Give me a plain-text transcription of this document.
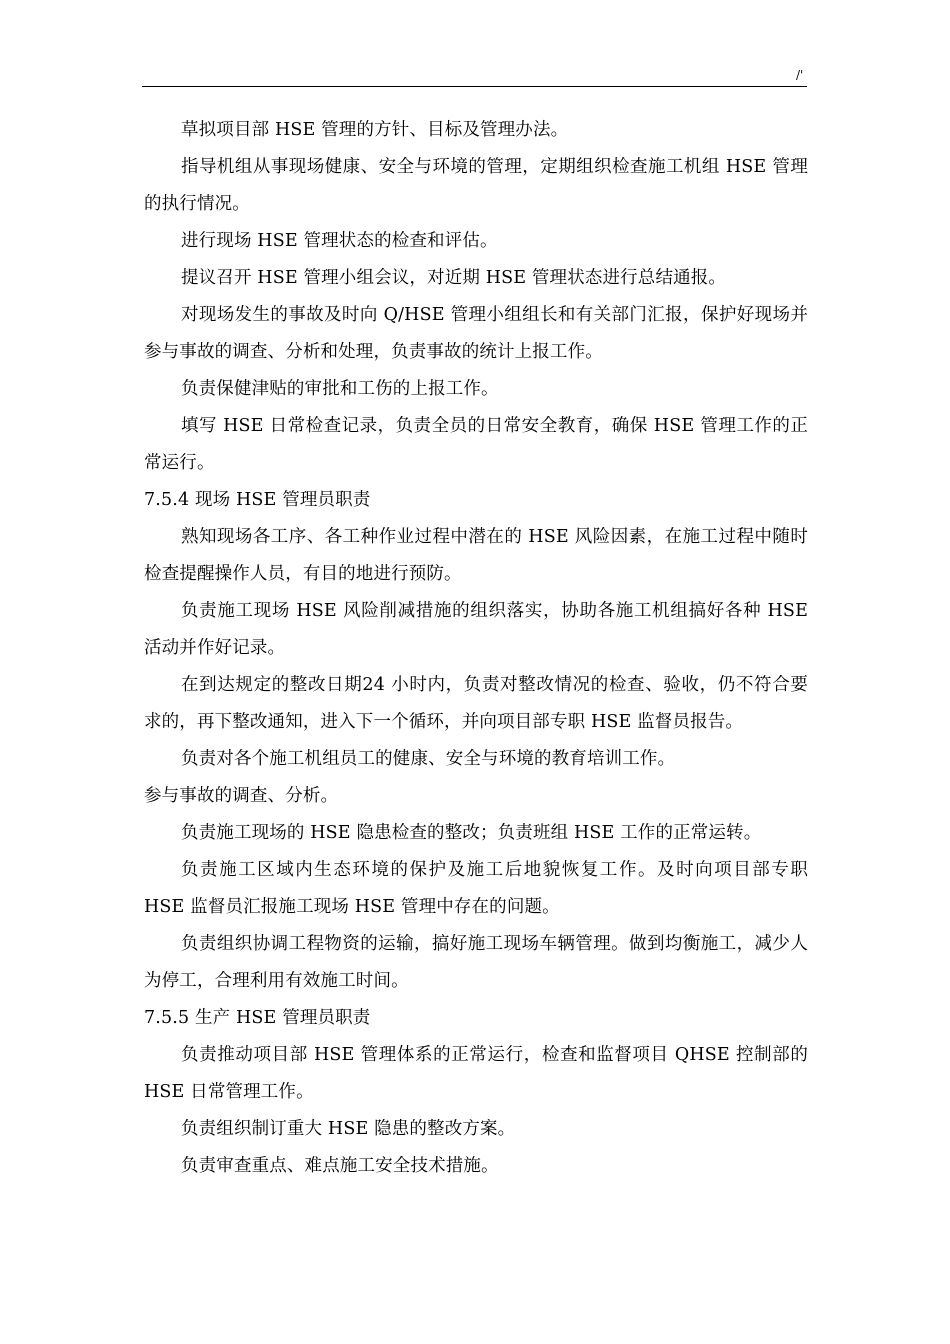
/'

草拟项目部 HSE 管理的方针、目标及管理办法。

指导机组从事现场健康、安全与环境的管理，定期组织检查施工机组 HSE 管理的执行情况。

进行现场 HSE 管理状态的检查和评估。

提议召开 HSE 管理小组会议，对近期 HSE 管理状态进行总结通报。

对现场发生的事故及时向 Q/HSE 管理小组组长和有关部门汇报，保护好现场并参与事故的调查、分析和处理，负责事故的统计上报工作。

负责保健津贴的审批和工伤的上报工作。

填写 HSE 日常检查记录，负责全员的日常安全教育，确保 HSE 管理工作的正常运行。

7.5.4 现场 HSE 管理员职责

熟知现场各工序、各工种作业过程中潜在的 HSE 风险因素，在施工过程中随时检查提醒操作人员，有目的地进行预防。

负责施工现场 HSE 风险削减措施的组织落实，协助各施工机组搞好各种 HSE 活动并作好记录。

在到达规定的整改日期24 小时内，负责对整改情况的检查、验收，仍不符合要求的，再下整改通知，进入下一个循环，并向项目部专职 HSE 监督员报告。

负责对各个施工机组员工的健康、安全与环境的教育培训工作。

参与事故的调查、分析。

负责施工现场的 HSE 隐患检查的整改；负责班组 HSE 工作的正常运转。

负责施工区域内生态环境的保护及施工后地貌恢复工作。及时向项目部专职 HSE 监督员汇报施工现场 HSE 管理中存在的问题。

负责组织协调工程物资的运输，搞好施工现场车辆管理。做到均衡施工，减少人为停工，合理利用有效施工时间。

7.5.5 生产 HSE 管理员职责

负责推动项目部 HSE 管理体系的正常运行，检查和监督项目 QHSE 控制部的 HSE 日常管理工作。

负责组织制订重大 HSE 隐患的整改方案。

负责审查重点、难点施工安全技术措施。
